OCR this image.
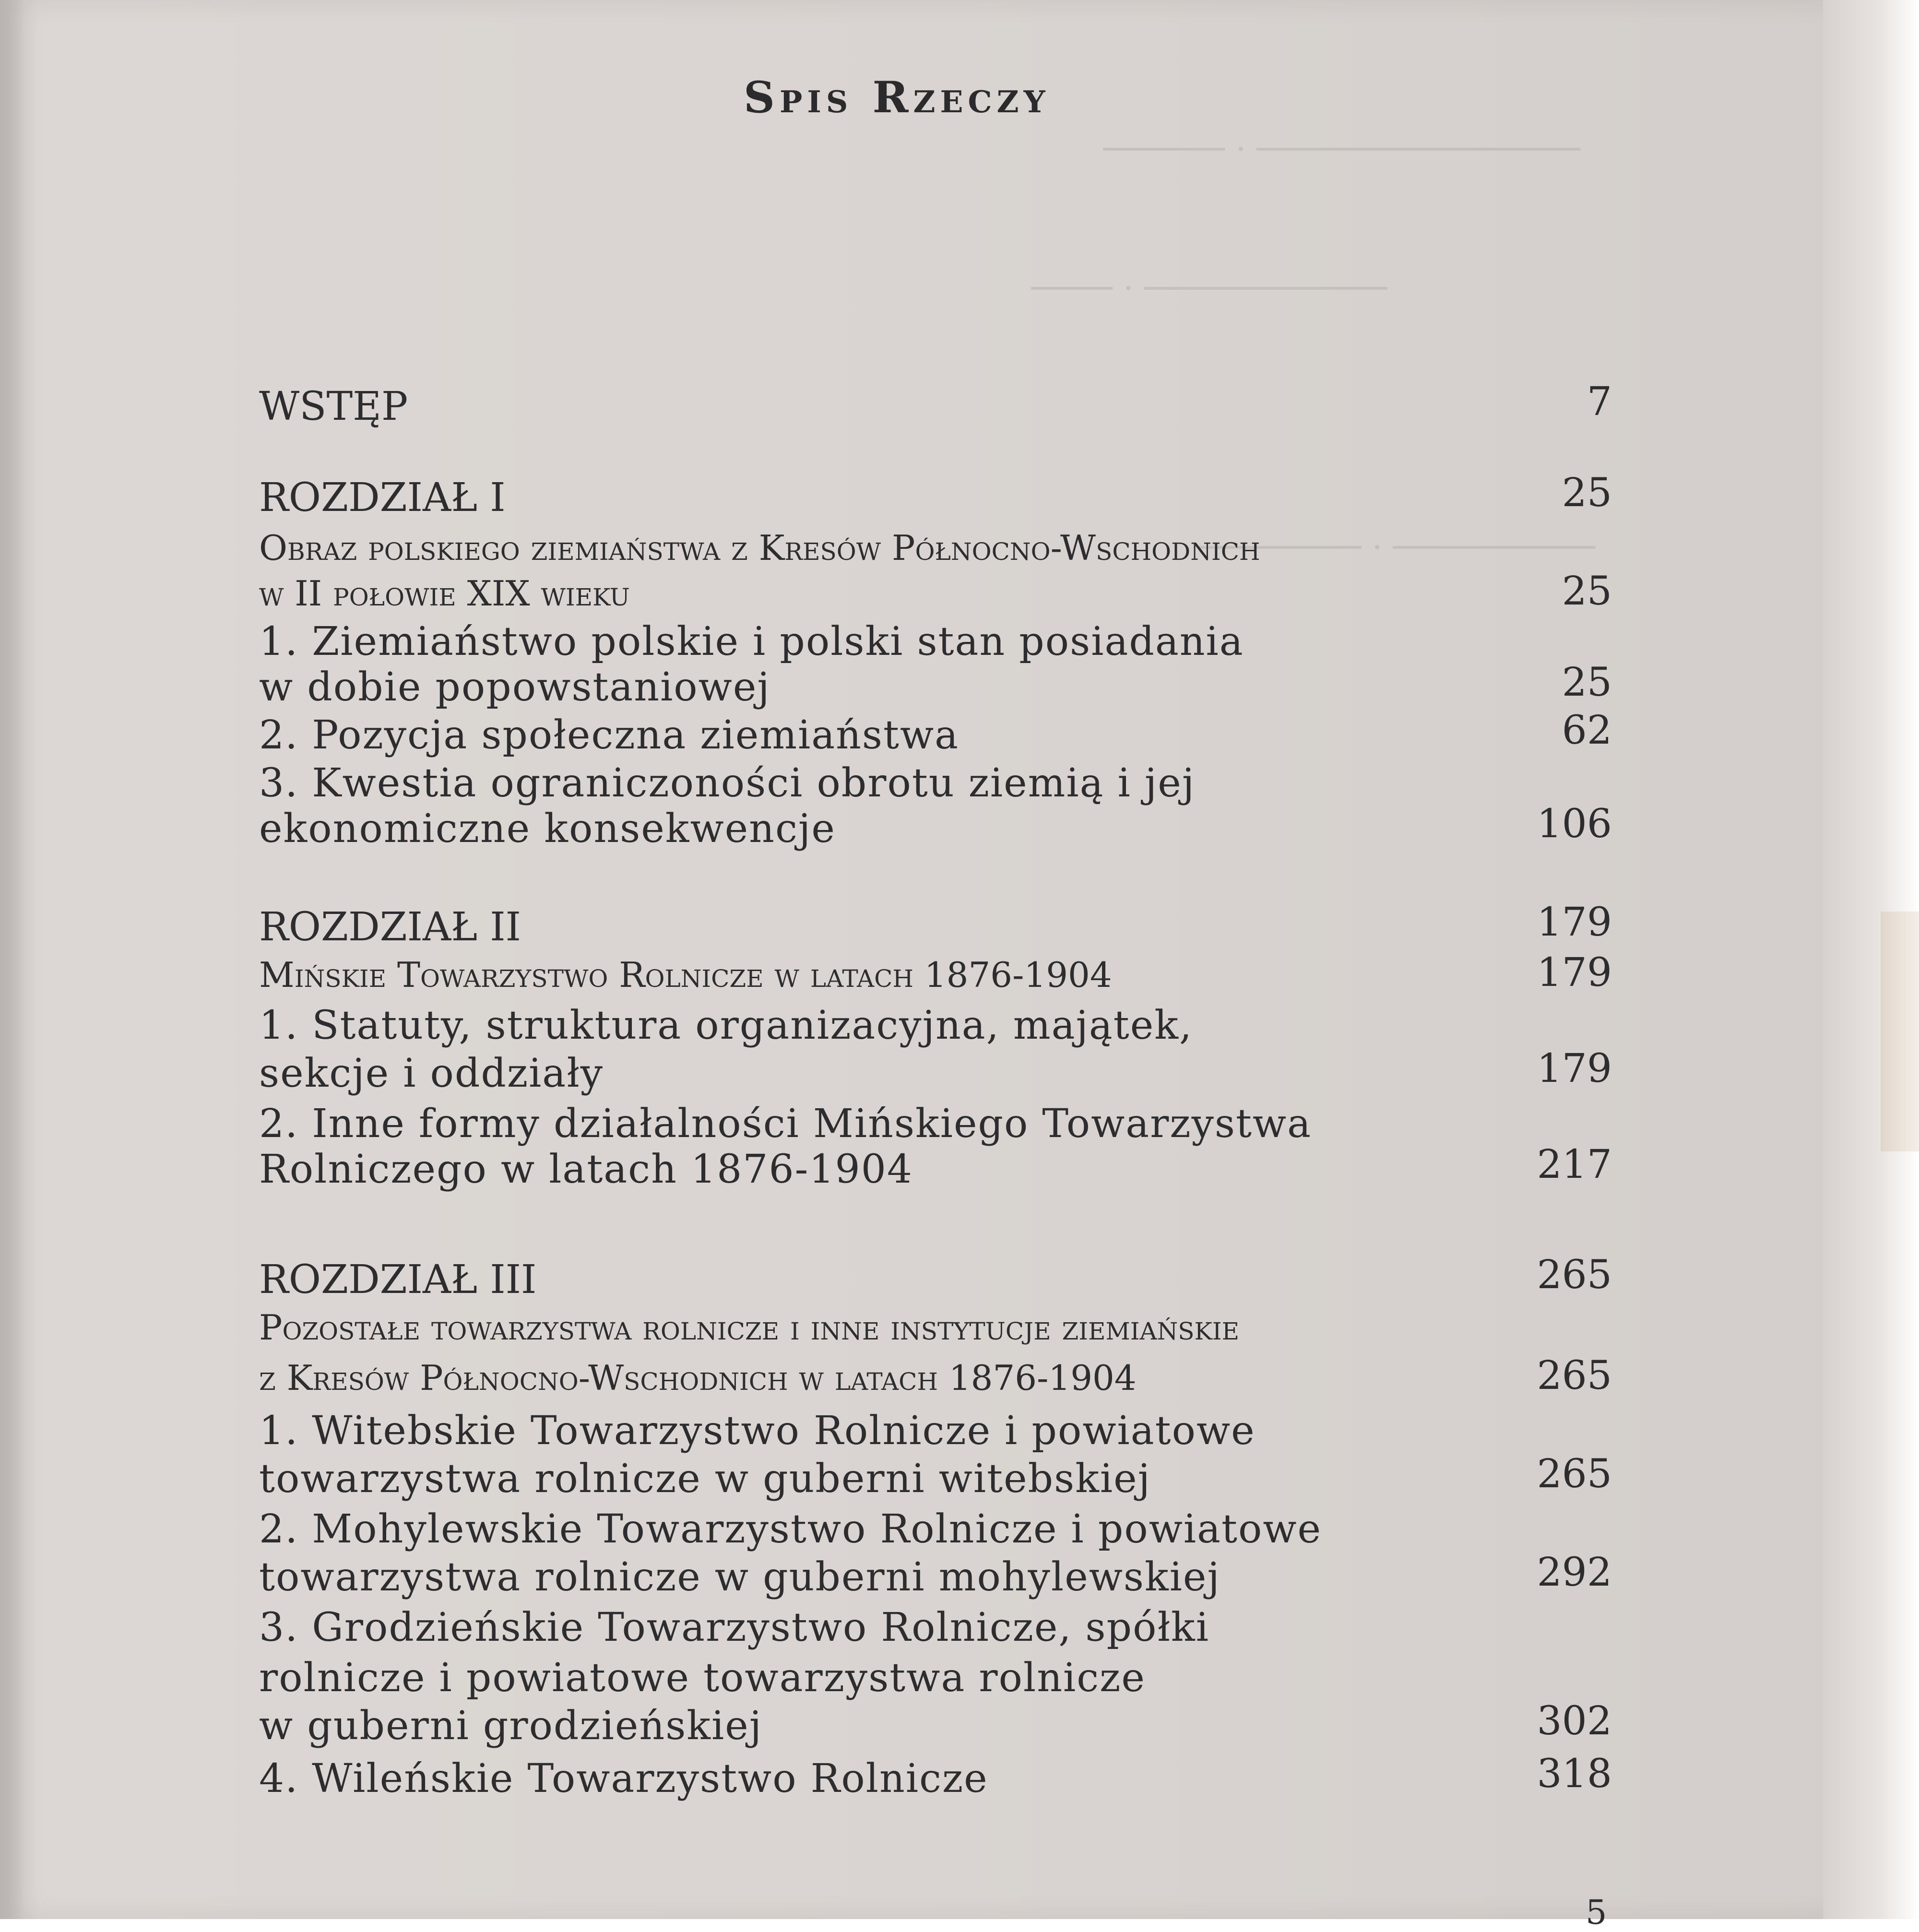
──────────────── · ──────
──────────── · ────
────────── · ────────
Spis Rzeczy
WSTĘP	7
ROZDZIAŁ I	25
Obraz polskiego ziemiaństwa z Kresów Północno-Wschodnich
w II połowie XIX wieku	25
1. Ziemiaństwo polskie i polski stan posiadania
w dobie popowstaniowej	25
2. Pozycja społeczna ziemiaństwa	62
3. Kwestia ograniczoności obrotu ziemią i jej
ekonomiczne konsekwencje	106
ROZDZIAŁ II	179
Mińskie Towarzystwo Rolnicze w latach 1876-1904	179
1. Statuty, struktura organizacyjna, majątek,
sekcje i oddziały	179
2. Inne formy działalności Mińskiego Towarzystwa
Rolniczego w latach 1876-1904	217
ROZDZIAŁ III	265
Pozostałe towarzystwa rolnicze i inne instytucje ziemiańskie
z Kresów Północno-Wschodnich w latach 1876-1904	265
1. Witebskie Towarzystwo Rolnicze i powiatowe
towarzystwa rolnicze w guberni witebskiej	265
2. Mohylewskie Towarzystwo Rolnicze i powiatowe
towarzystwa rolnicze w guberni mohylewskiej	292
3. Grodzieńskie Towarzystwo Rolnicze, spółki
rolnicze i powiatowe towarzystwa rolnicze
w guberni grodzieńskiej	302
4. Wileńskie Towarzystwo Rolnicze	318
5
